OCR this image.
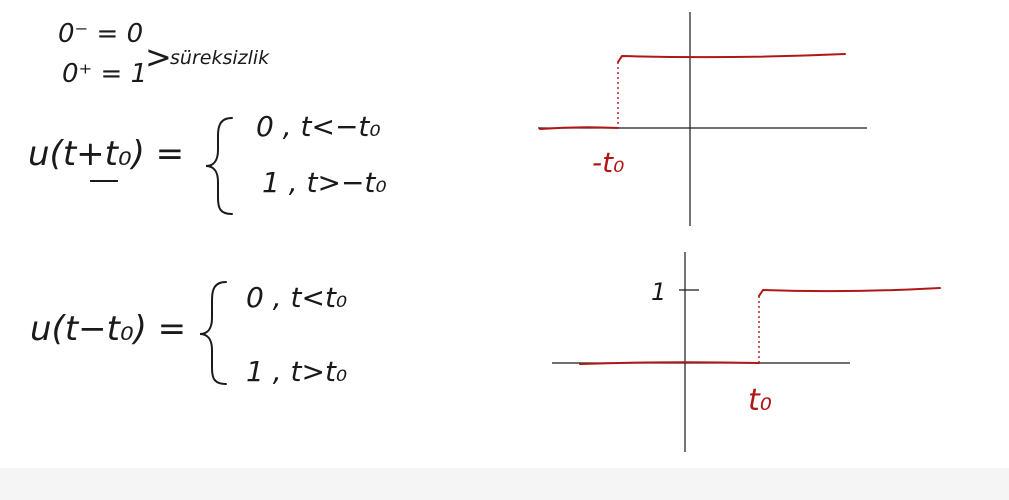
0⁻ = 0
0⁺ = 1
>
süreksizlik
u(t+t₀) =
0 , t<−t₀
1 , t>−t₀
u(t−t₀) =
0 , t<t₀
1 , t>t₀
-t₀
1
t₀
